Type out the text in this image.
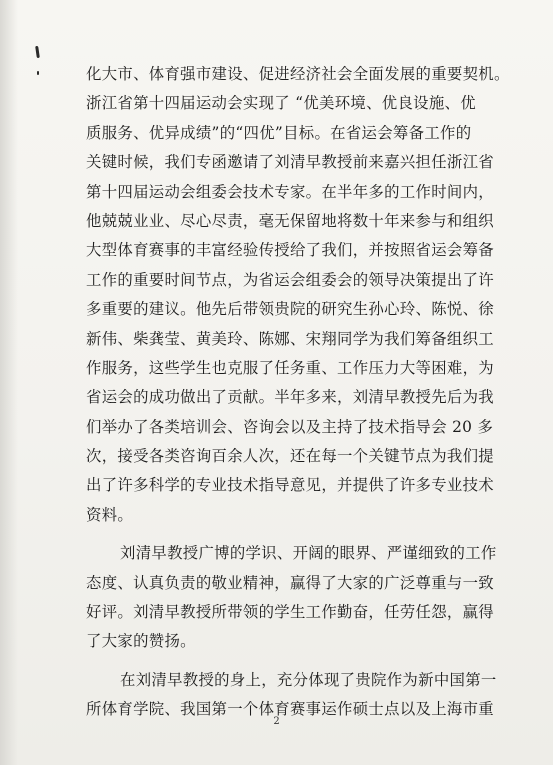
化大市、体育强市建设、促进经济社会全面发展的重要契机。
浙江省第十四届运动会实现了 “优美环境、优良设施、优
质服务、优异成绩”的“四优”目标。在省运会筹备工作的
关键时候，我们专函邀请了刘清早教授前来嘉兴担任浙江省
第十四届运动会组委会技术专家。在半年多的工作时间内，
他兢兢业业、尽心尽责，毫无保留地将数十年来参与和组织
大型体育赛事的丰富经验传授给了我们，并按照省运会筹备
工作的重要时间节点，为省运会组委会的领导决策提出了许
多重要的建议。他先后带领贵院的研究生孙心玲、陈悦、徐
新伟、柴龚莹、黄美玲、陈娜、宋翔同学为我们筹备组织工
作服务，这些学生也克服了任务重、工作压力大等困难，为
省运会的成功做出了贡献。半年多来，刘清早教授先后为我
们举办了各类培训会、咨询会以及主持了技术指导会 20 多
次，接受各类咨询百余人次，还在每一个关键节点为我们提
出了许多科学的专业技术指导意见，并提供了许多专业技术
资料。
刘清早教授广博的学识、开阔的眼界、严谨细致的工作
态度、认真负责的敬业精神，赢得了大家的广泛尊重与一致
好评。刘清早教授所带领的学生工作勤奋，任劳任怨，赢得
了大家的赞扬。
在刘清早教授的身上，充分体现了贵院作为新中国第一
所体育学院、我国第一个体育赛事运作硕士点以及上海市重
2
